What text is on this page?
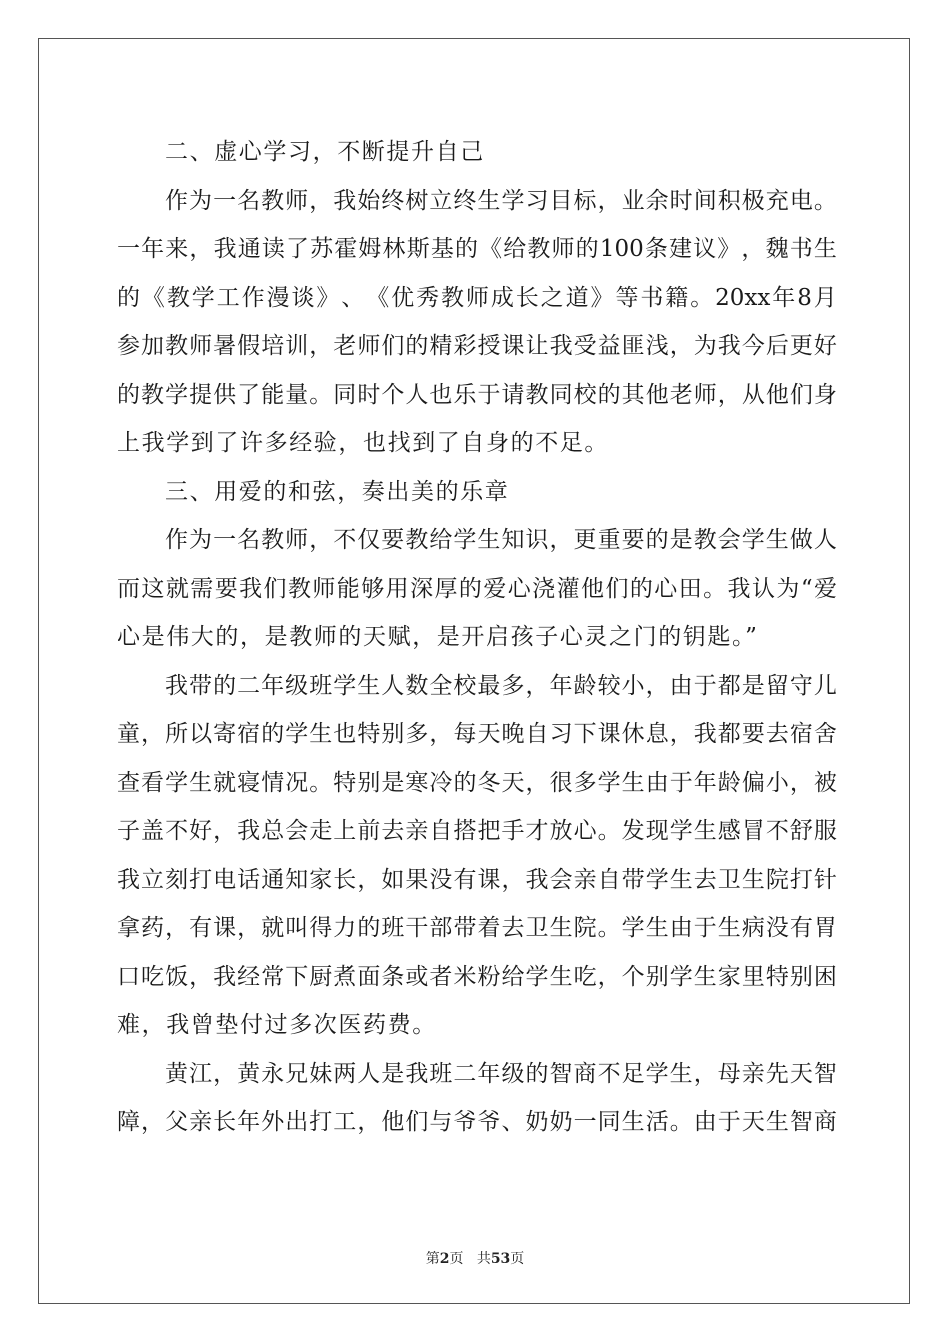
二、虚心学习，不断提升自己
作 为 一 名 教 师 ， 我 始 终 树 立 终 生 学 习 目 标 ， 业 余 时 间 积 极 充 电 。
一 年 来 ， 我 通 读 了 苏 霍 姆 林 斯 基 的 《 给 教 师 的 100 条 建 议 》 ， 魏 书 生
的 《 教 学 工 作 漫 谈 》 、 《 优 秀 教 师 成 长 之 道 》 等 书 籍 。 20xx 年 8 月
参 加 教 师 暑 假 培 训 ， 老 师 们 的 精 彩 授 课 让 我 受 益 匪 浅 ， 为 我 今 后 更 好
的 教 学 提 供 了 能 量 。 同 时 个 人 也 乐 于 请 教 同 校 的 其 他 老 师 ， 从 他 们 身
上我学到了许多经验，也找到了自身的不足。
三、用爱的和弦，奏出美的乐章
作 为 一 名 教 师 ， 不 仅 要 教 给 学 生 知 识 ， 更 重 要 的 是 教 会 学 生 做 人
而 这 就 需 要 我 们 教 师 能 够 用 深 厚 的 爱 心 浇 灌 他 们 的 心 田 。 我 认 为 “ 爱
心是伟大的，是教师的天赋，是开启孩子心灵之门的钥匙。”
我 带 的 二 年 级 班 学 生 人 数 全 校 最 多 ， 年 龄 较 小 ， 由 于 都 是 留 守 儿
童 ， 所 以 寄 宿 的 学 生 也 特 别 多 ， 每 天 晚 自 习 下 课 休 息 ， 我 都 要 去 宿 舍
查 看 学 生 就 寝 情 况 。 特 别 是 寒 冷 的 冬 天 ， 很 多 学 生 由 于 年 龄 偏 小 ， 被
子 盖 不 好 ， 我 总 会 走 上 前 去 亲 自 搭 把 手 才 放 心 。 发 现 学 生 感 冒 不 舒 服
我 立 刻 打 电 话 通 知 家 长 ， 如 果 没 有 课 ， 我 会 亲 自 带 学 生 去 卫 生 院 打 针
拿 药 ， 有 课 ， 就 叫 得 力 的 班 干 部 带 着 去 卫 生 院 。 学 生 由 于 生 病 没 有 胃
口 吃 饭 ， 我 经 常 下 厨 煮 面 条 或 者 米 粉 给 学 生 吃 ， 个 别 学 生 家 里 特 别 困
难，我曾垫付过多次医药费。
黄 江 ， 黄 永 兄 妹 两 人 是 我 班 二 年 级 的 智 商 不 足 学 生 ， 母 亲 先 天 智
障 ， 父 亲 长 年 外 出 打 工 ， 他 们 与 爷 爷 、 奶 奶 一 同 生 活 。 由 于 天 生 智 商
第2页 共53页
